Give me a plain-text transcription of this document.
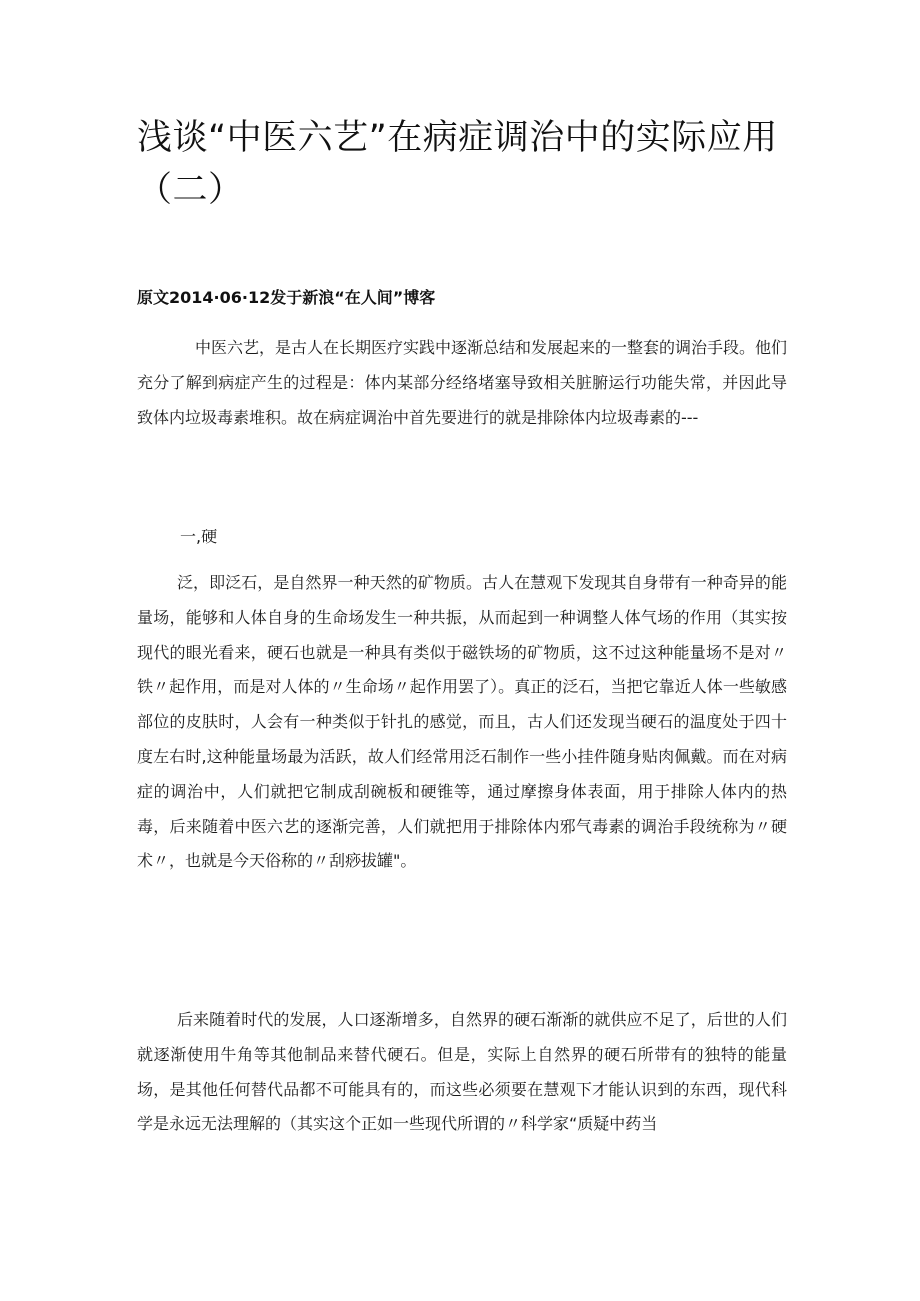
浅谈“中医六艺”在病症调治中的实际应用（二）

原文2014·06·12发于新浪“在人间”博客

中医六艺，是古人在长期医疗实践中逐渐总结和发展起来的一整套的调治手段。他们充分了解到病症产生的过程是：体内某部分经络堵塞导致相关脏腑运行功能失常，并因此导致体内垃圾毒素堆积。故在病症调治中首先要进行的就是排除体内垃圾毒素的---

一,硬

泛，即泛石，是自然界一种天然的矿物质。古人在慧观下发现其自身带有一种奇异的能量场，能够和人体自身的生命场发生一种共振，从而起到一种调整人体气场的作用（其实按现代的眼光看来，硬石也就是一种具有类似于磁铁场的矿物质，这不过这种能量场不是对〃铁〃起作用，而是对人体的〃生命场〃起作用罢了）。真正的泛石，当把它靠近人体一些敏感部位的皮肤时，人会有一种类似于针扎的感觉，而且，古人们还发现当硬石的温度处于四十度左右时,这种能量场最为活跃，故人们经常用泛石制作一些小挂件随身贴肉佩戴。而在对病症的调治中，人们就把它制成刮碗板和硬锥等，通过摩擦身体表面，用于排除人体内的热毒，后来随着中医六艺的逐渐完善，人们就把用于排除体内邪气毒素的调治手段统称为〃硬术〃，也就是今天俗称的〃刮痧拔罐"。

后来随着时代的发展，人口逐渐增多，自然界的硬石渐渐的就供应不足了，后世的人们就逐渐使用牛角等其他制品来替代硬石。但是，实际上自然界的硬石所带有的独特的能量场，是其他任何替代品都不可能具有的，而这些必须要在慧观下才能认识到的东西，现代科学是永远无法理解的（其实这个正如一些现代所谓的〃科学家“质疑中药当
